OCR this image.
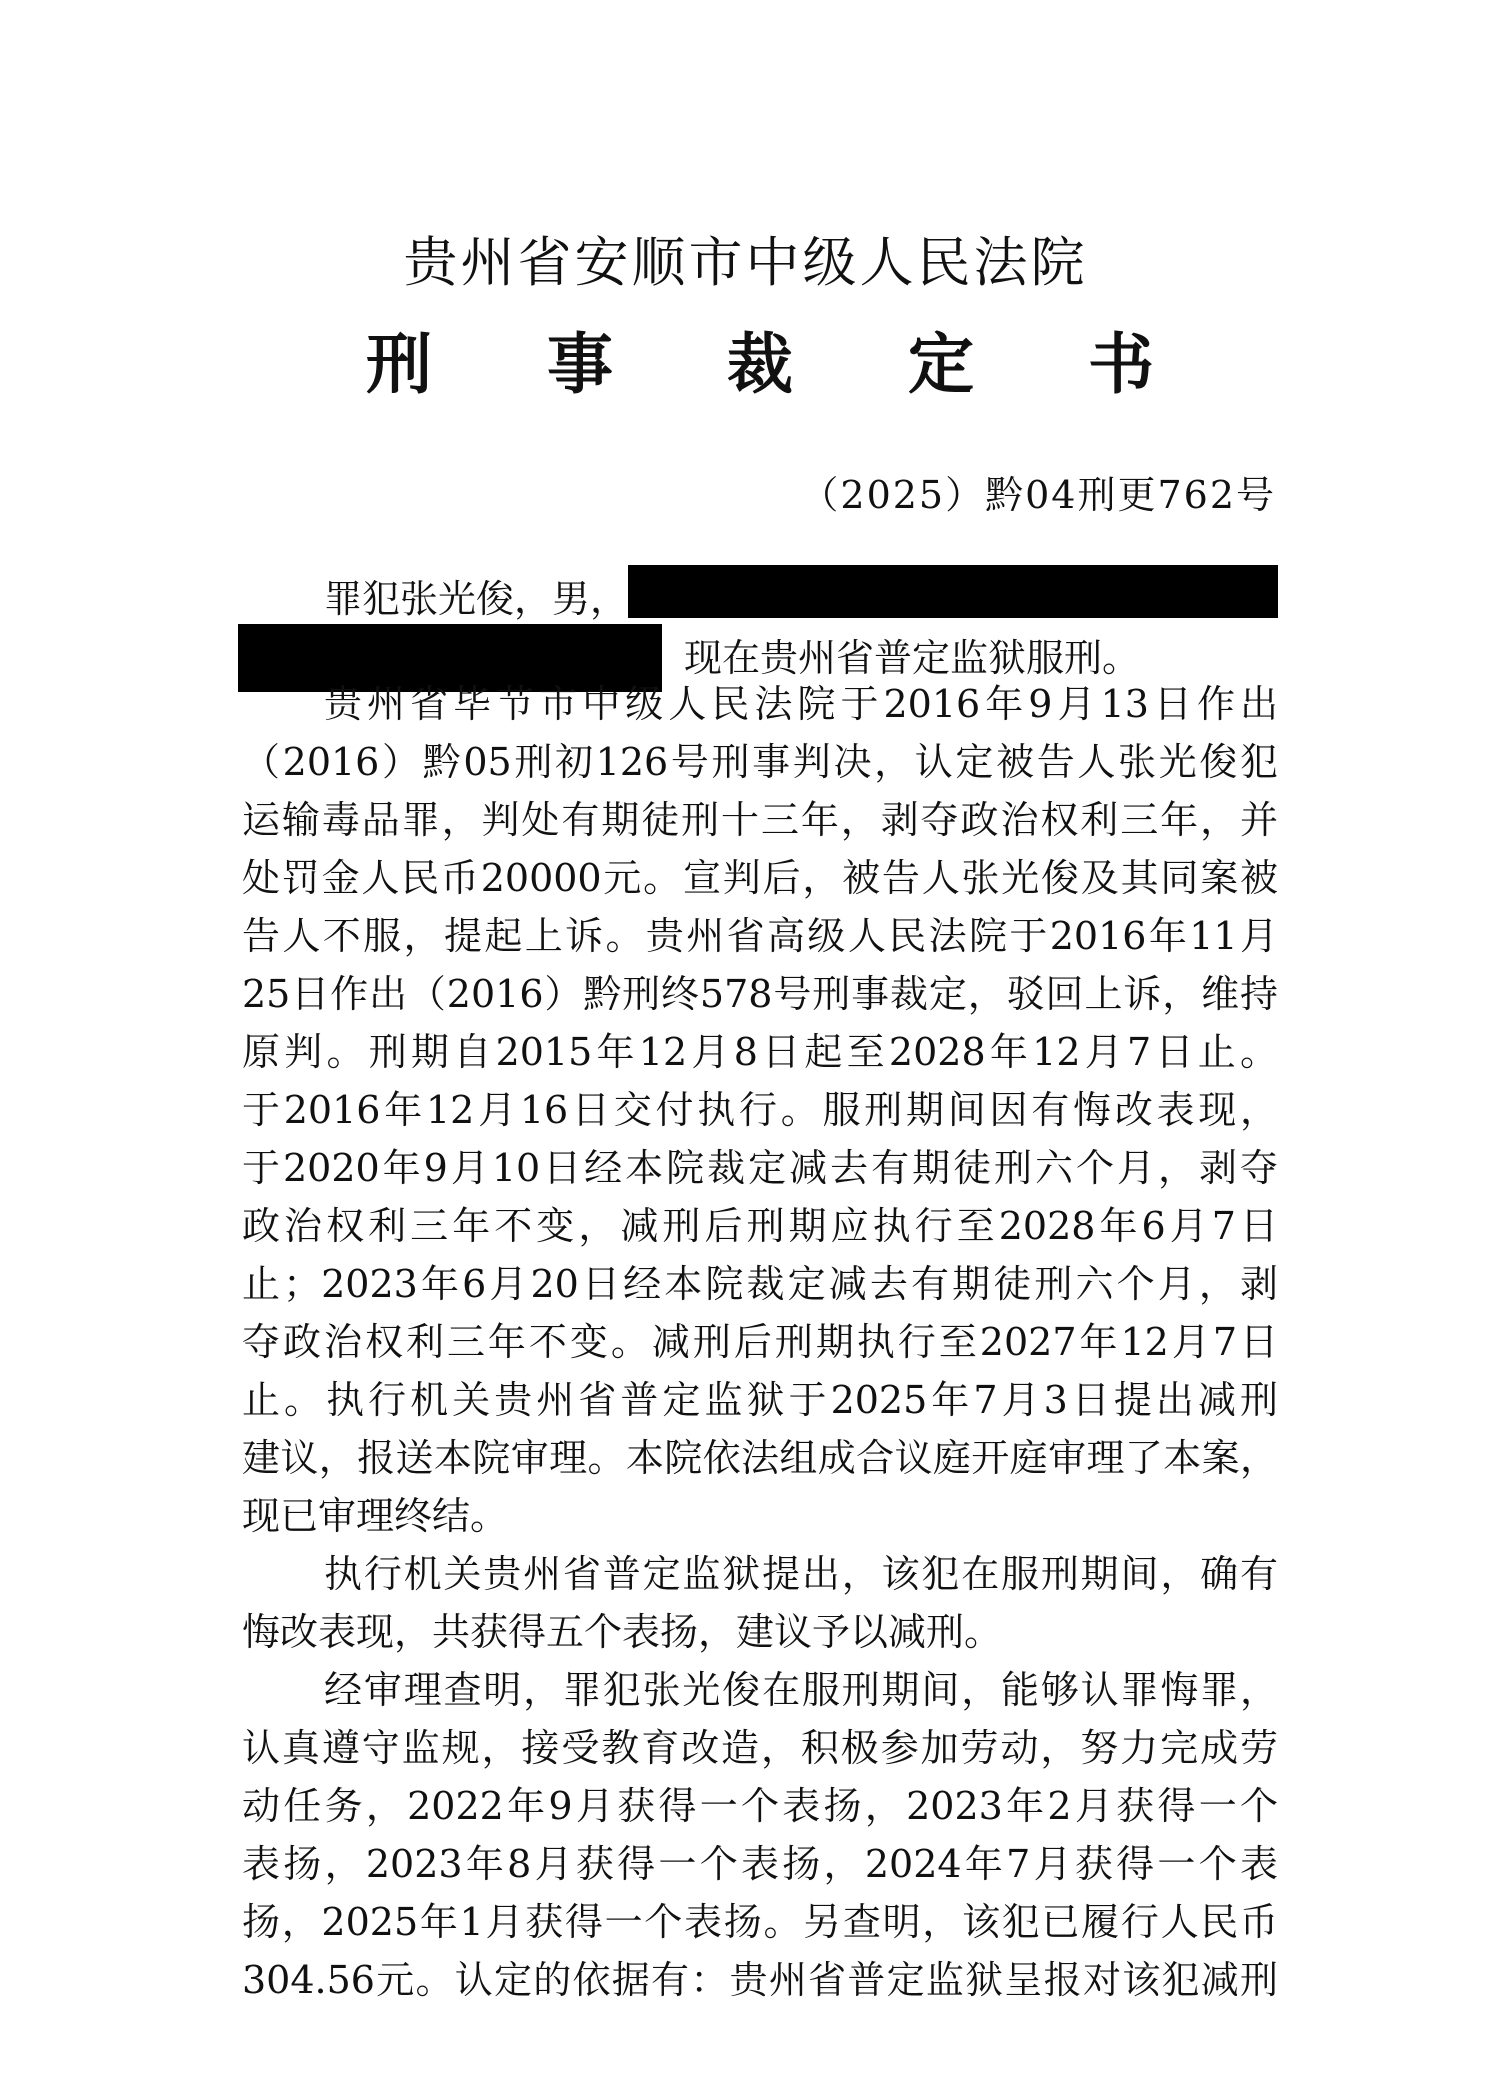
贵州省安顺市中级人民法院
刑 事 裁 定 书
（2025）黔04刑更762号
罪犯张光俊，男，
现在贵州省普定监狱服刑。
贵州省毕节市中级人民法院于2016年9月13日作出
（2016）黔05刑初126号刑事判决，认定被告人张光俊犯
运输毒品罪，判处有期徒刑十三年，剥夺政治权利三年，并
处罚金人民币20000元。宣判后，被告人张光俊及其同案被
告人不服，提起上诉。贵州省高级人民法院于2016年11月
25日作出（2016）黔刑终578号刑事裁定，驳回上诉，维持
原判。刑期自2015年12月8日起至2028年12月7日止。
于2016年12月16日交付执行。服刑期间因有悔改表现，
于2020年9月10日经本院裁定减去有期徒刑六个月，剥夺
政治权利三年不变，减刑后刑期应执行至2028年6月7日
止；2023年6月20日经本院裁定减去有期徒刑六个月，剥
夺政治权利三年不变。减刑后刑期执行至2027年12月7日
止。执行机关贵州省普定监狱于2025年7月3日提出减刑
建议，报送本院审理。本院依法组成合议庭开庭审理了本案，
现已审理终结。
执行机关贵州省普定监狱提出，该犯在服刑期间，确有
悔改表现，共获得五个表扬，建议予以减刑。
经审理查明，罪犯张光俊在服刑期间，能够认罪悔罪，
认真遵守监规，接受教育改造，积极参加劳动，努力完成劳
动任务，2022年9月获得一个表扬，2023年2月获得一个
表扬，2023年8月获得一个表扬，2024年7月获得一个表
扬，2025年1月获得一个表扬。另查明，该犯已履行人民币
304.56元。认定的依据有：贵州省普定监狱呈报对该犯减刑
